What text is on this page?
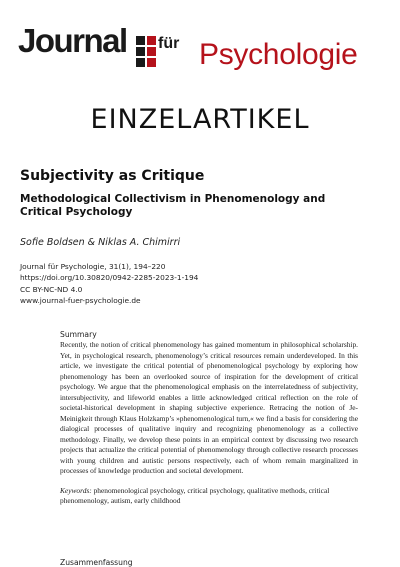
Journal für Psychologie
EINZELARTIKEL
Subjectivity as Critique
Methodological Collectivism in Phenomenology and Critical Psychology
Sofie Boldsen & Niklas A. Chimirri
Journal für Psychologie, 31(1), 194–220
https://doi.org/10.30820/0942-2285-2023-1-194
CC BY-NC-ND 4.0
www.journal-fuer-psychologie.de
Summary
Recently, the notion of critical phenomenology has gained momentum in philosophical scholarship. Yet, in psychological research, phenomenology’s critical resources remain underdeveloped. In this article, we investigate the critical potential of phenomenological psychology by exploring how phenomenology has been an overlooked source of inspiration for the development of critical psychology. We argue that the phenomenological emphasis on the interrelatedness of subjectivity, intersubjectivity, and lifeworld enables a little acknowledged critical reflection on the role of societal-historical development in shaping subjective experience. Retracing the notion of Je-Meinigkeit through Klaus Holzkamp’s »phenomenological turn,« we find a basis for considering the dialogical processes of qualitative inquiry and recognizing phenomenology as a collective methodology. Finally, we develop these points in an empirical context by discussing two research projects that actualize the critical potential of phenomenology through collective research processes with young children and autistic persons respectively, each of whom remain marginalized in processes of knowledge production and societal development.
Keywords: phenomenological psychology, critical psychology, qualitative methods, critical phenomenology, autism, early childhood
Zusammenfassung
